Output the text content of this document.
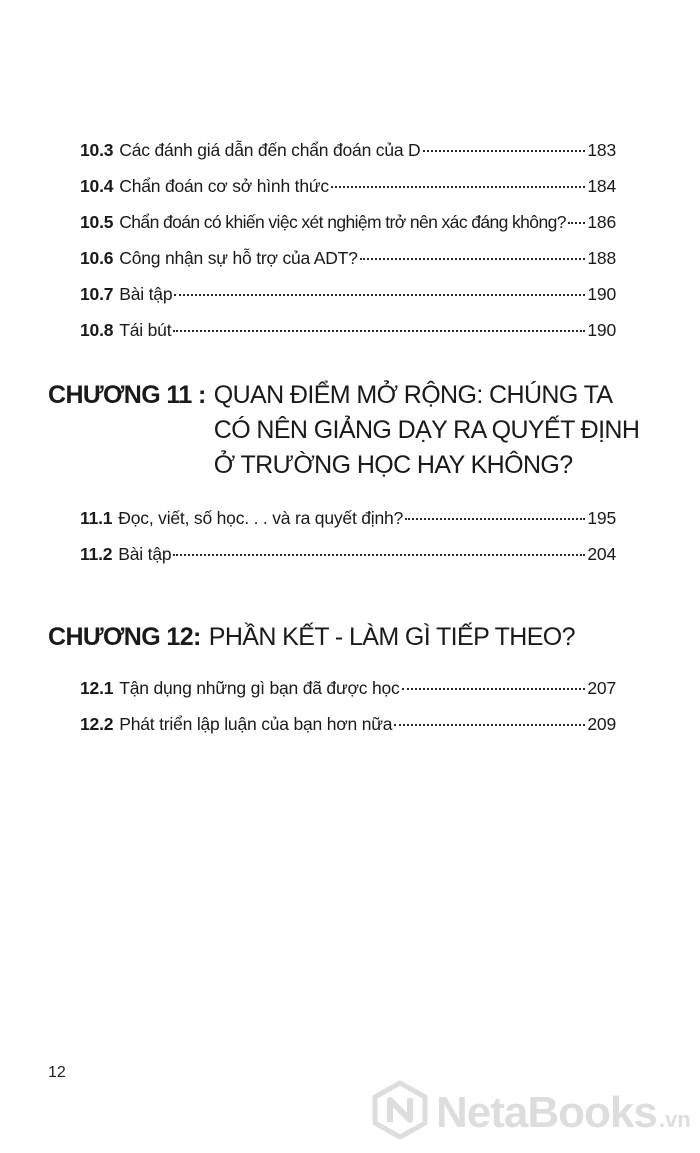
10.3 Các đánh giá dẫn đến chẩn đoán của D	183
10.4 Chẩn đoán cơ sở hình thức	184
10.5 Chẩn đoán có khiến việc xét nghiệm trở nên xác đáng không? 186
10.6 Công nhận sự hỗ trợ của ADT?	188
10.7 Bài tập	190
10.8 Tái bút	190
CHƯƠNG 11 : QUAN ĐIỂM MỞ RỘNG: CHÚNG TA CÓ NÊN GIẢNG DẠY RA QUYẾT ĐỊNH Ở TRƯỜNG HỌC HAY KHÔNG?
11.1 Đọc, viết, số học. . . và ra quyết định?	195
11.2 Bài tập	204
CHƯƠNG 12: PHẦN KẾT - LÀM GÌ TIẾP THEO?
12.1 Tận dụng những gì bạn đã được học	207
12.2 Phát triển lập luận của bạn hơn nữa	209
12
NetaBooks .vn
